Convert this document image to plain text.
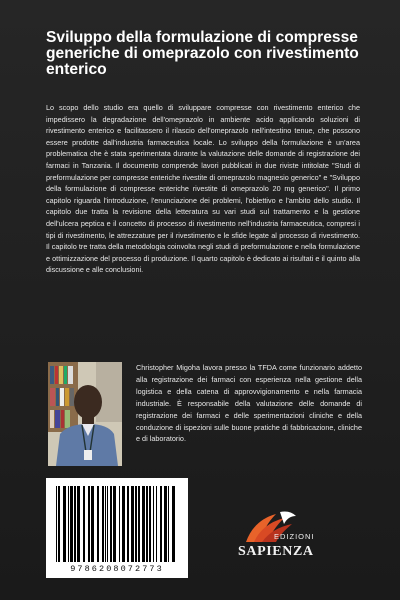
Sviluppo della formulazione di compresse generiche di omeprazolo con rivestimento enterico

Lo scopo dello studio era quello di sviluppare compresse con rivestimento enterico che impedissero la degradazione dell'omeprazolo in ambiente acido applicando soluzioni di rivestimento enterico e facilitassero il rilascio dell'omeprazolo nell'intestino tenue, che possono essere prodotte dall'industria farmaceutica locale. Lo sviluppo della formulazione è un'area problematica che è stata sperimentata durante la valutazione delle domande di registrazione dei farmaci in Tanzania. Il documento comprende lavori pubblicati in due riviste intitolate "Studi di preformulazione per compresse enteriche rivestite di omeprazolo magnesio generico" e "Sviluppo della formulazione di compresse enteriche rivestite di omeprazolo 20 mg generico". Il primo capitolo riguarda l'introduzione, l'enunciazione dei problemi, l'obiettivo e l'ambito dello studio. Il capitolo due tratta la revisione della letteratura su vari studi sul trattamento e la gestione dell'ulcera peptica e il concetto di processo di rivestimento nell'industria farmaceutica, compresi i tipi di rivestimento, le attrezzature per il rivestimento e le sfide legate al processo di rivestimento. Il capitolo tre tratta della metodologia coinvolta negli studi di preformulazione e nella formulazione e ottimizzazione del processo di produzione. Il quarto capitolo è dedicato ai risultati e il quinto alla discussione e alle conclusioni.

Christopher Migoha lavora presso la TFDA come funzionario addetto alla registrazione dei farmaci con esperienza nella gestione della logistica e della catena di approvvigionamento e nella farmacia industriale. È responsabile della valutazione delle domande di registrazione dei farmaci e delle sperimentazioni cliniche e della conduzione di ispezioni sulle buone pratiche di fabbricazione, cliniche e di laboratorio.

9786208072773
EDIZIONI
SAPIENZA
